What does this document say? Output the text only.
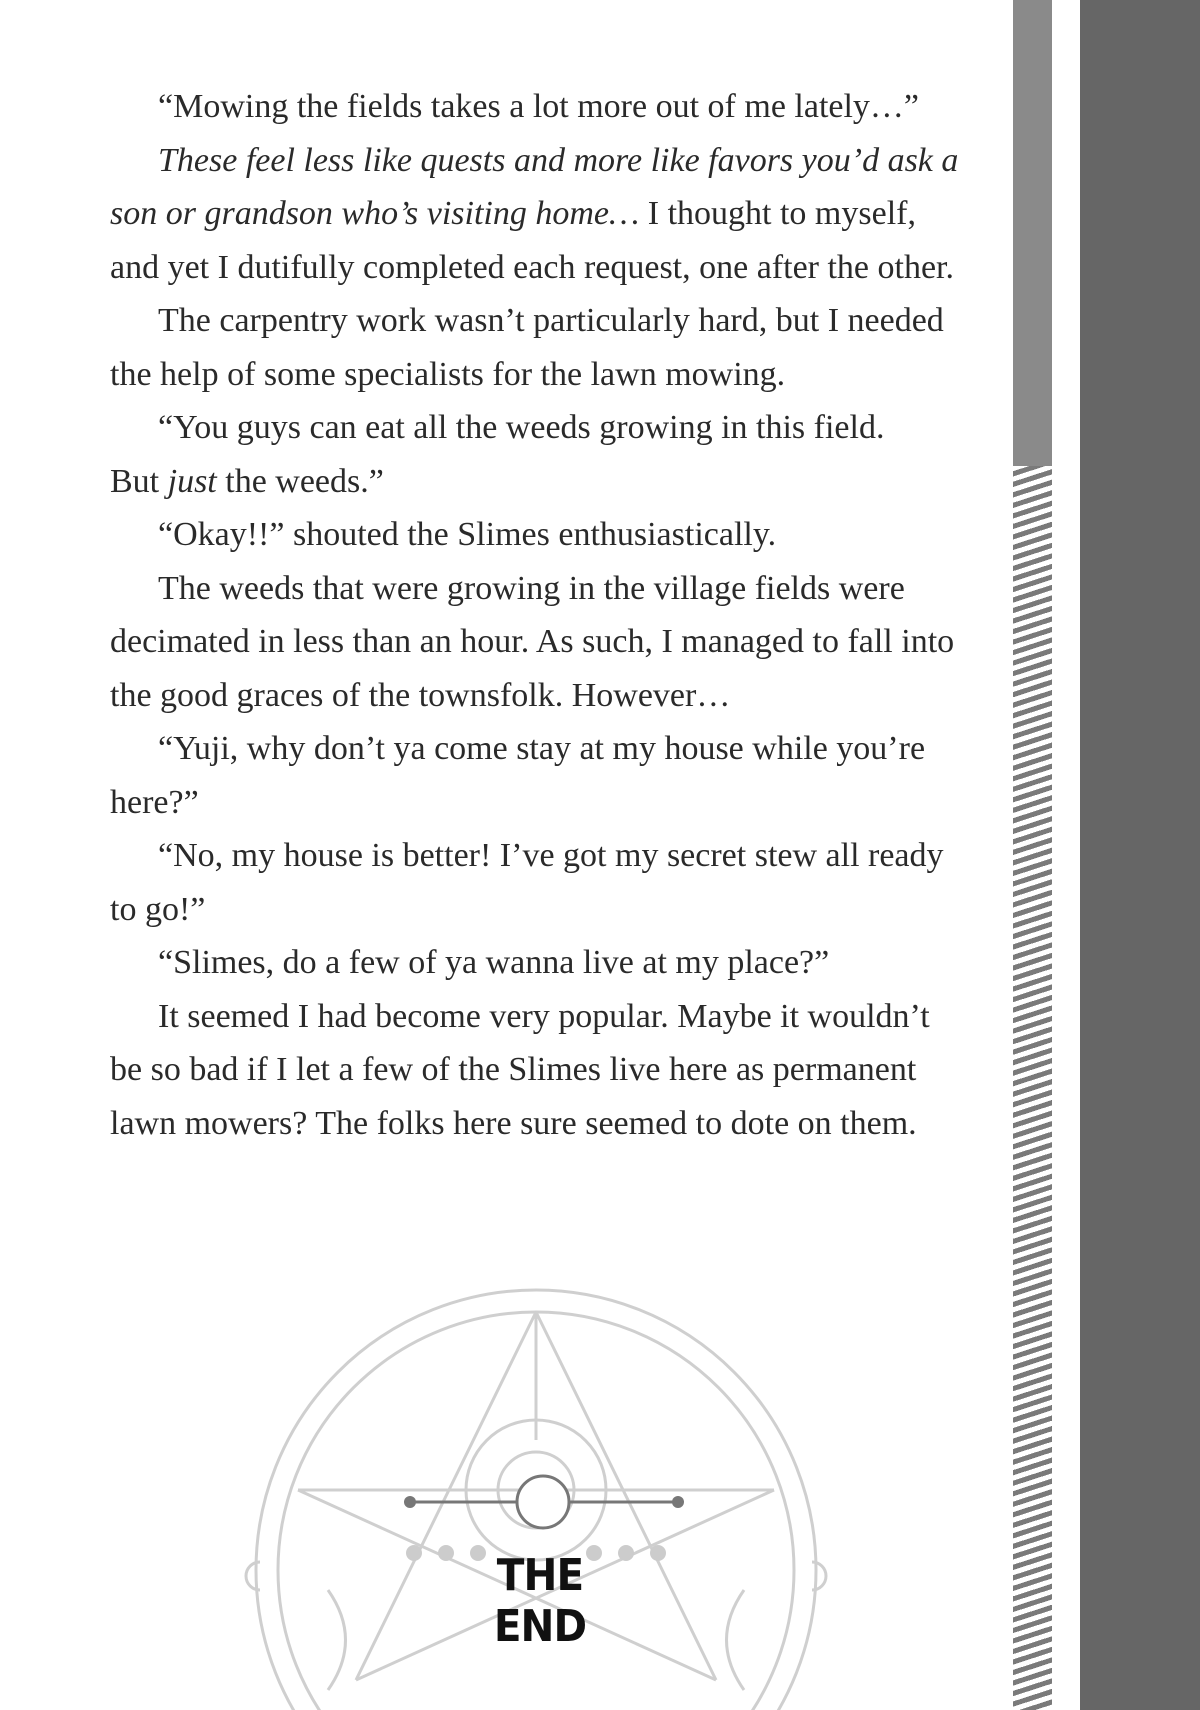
“Mowing the fields takes a lot more out of me lately…”

These feel less like quests and more like favors you’d ask a son or grandson who’s visiting home… I thought to myself, and yet I dutifully completed each request, one after the other.

The carpentry work wasn’t particularly hard, but I needed the help of some specialists for the lawn mowing.

“You guys can eat all the weeds growing in this field.

But just the weeds.”

“Okay!!” shouted the Slimes enthusiastically.

The weeds that were growing in the village fields were decimated in less than an hour. As such, I managed to fall into the good graces of the townsfolk. However…

“Yuji, why don’t ya come stay at my house while you’re here?”

“No, my house is better! I’ve got my secret stew all ready to go!”

“Slimes, do a few of ya wanna live at my place?”

It seemed I had become very popular. Maybe it wouldn’t be so bad if I let a few of the Slimes live here as permanent lawn mowers? The folks here sure seemed to dote on them.

THE END
